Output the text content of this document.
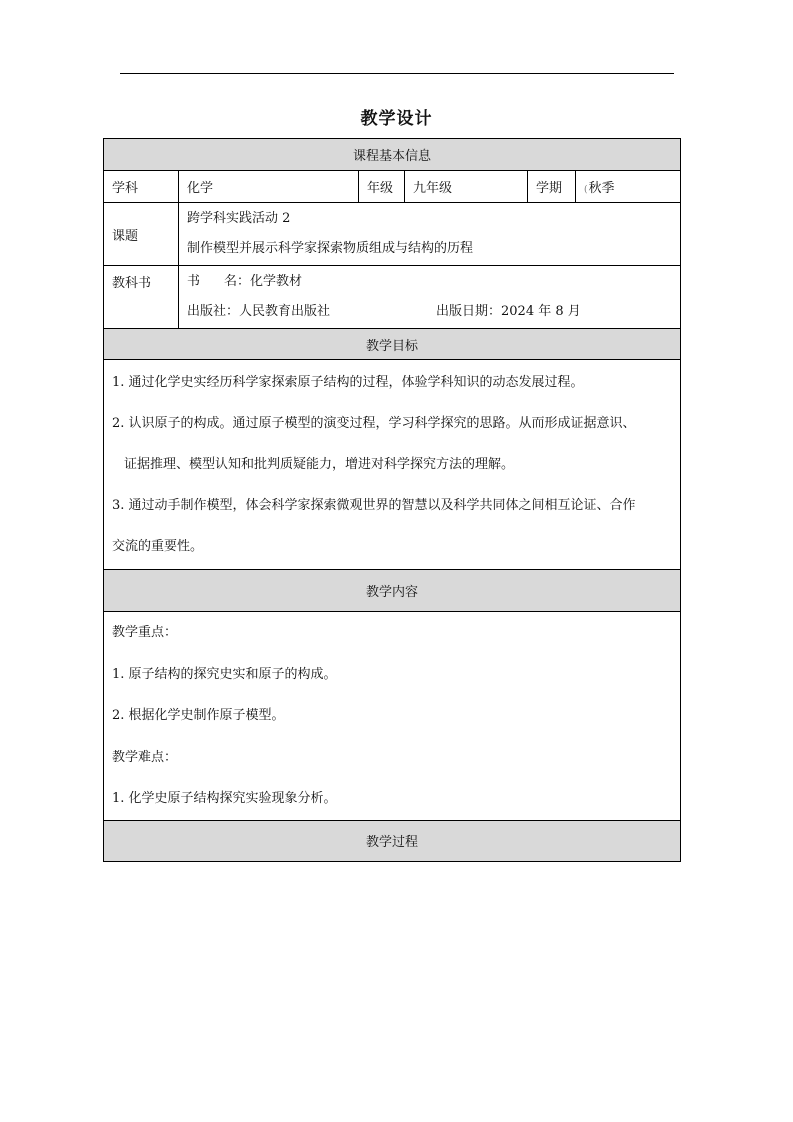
教学设计
课程基本信息					
学科	化学	年级	九年级	学期	(秋季
课题	跨学科实践活动 2
制作模型并展示科学家探索物质组成与结构的历程				

教科书	书 名：化学教材
出版社：人民教育出版社 出版日期：2024 年 8 月				

教学目标					

1. 通过化学史实经历科学家探索原子结构的过程，体验学科知识的动态发展过程。

2. 认识原子的构成。通过原子模型的演变过程，学习科学探究的思路。从而形成证据意识、

证据推理、模型认知和批判质疑能力，增进对科学探究方法的理解。

3. 通过动手制作模型，体会科学家探索微观世界的智慧以及科学共同体之间相互论证、合作

交流的重要性。					

教学内容					

教学重点：

1. 原子结构的探究史实和原子的构成。

2. 根据化学史制作原子模型。

教学难点：

1. 化学史原子结构探究实验现象分析。					

教学过程					
